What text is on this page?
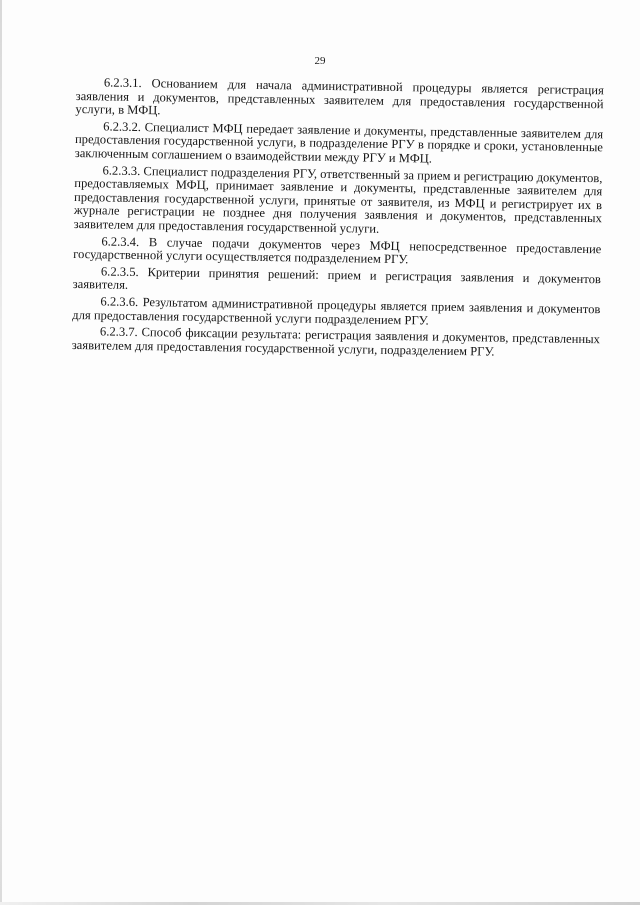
29

6.2.3.1. Основанием для начала административной процедуры является регистрация заявления и документов, представленных заявителем для предоставления государственной услуги, в МФЦ.

6.2.3.2. Специалист МФЦ передает заявление и документы, представленные заявителем для предоставления государственной услуги, в подразделение РГУ в порядке и сроки, установленные заключенным соглашением о взаимодействии между РГУ и МФЦ.

6.2.3.3. Специалист подразделения РГУ, ответственный за прием и регистрацию документов, предоставляемых МФЦ, принимает заявление и документы, представленные заявителем для предоставления государственной услуги, принятые от заявителя, из МФЦ и регистрирует их в журнале регистрации не позднее дня получения заявления и документов, представленных заявителем для предоставления государственной услуги.

6.2.3.4. В случае подачи документов через МФЦ непосредственное предоставление государственной услуги осуществляется подразделением РГУ.

6.2.3.5. Критерии принятия решений: прием и регистрация заявления и документов заявителя.

6.2.3.6. Результатом административной процедуры является прием заявления и документов для предоставления государственной услуги подразделением РГУ.

6.2.3.7. Способ фиксации результата: регистрация заявления и документов, представленных заявителем для предоставления государственной услуги, подразделением РГУ.
